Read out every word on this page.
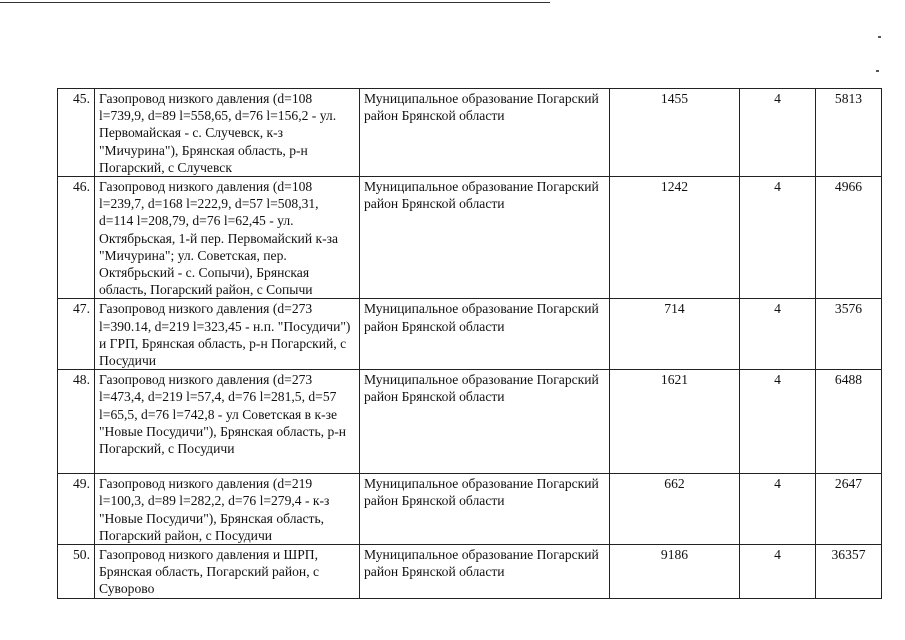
45.	Газопровод низкого давления (d=108 l=739,9, d=89 l=558,65, d=76 l=156,2 - ул. Первомайская - с. Случевск, к-з "Мичурина"), Брянская область, р-н Погарский, с Случевск	Муниципальное образование Погарский район Брянской области	1455	4	5813
46.	Газопровод низкого давления (d=108 l=239,7, d=168 l=222,9, d=57 l=508,31, d=114 l=208,79, d=76 l=62,45 - ул. Октябрьская, 1-й пер. Первомайский к-за "Мичурина"; ул. Советская, пер. Октябрьский - с. Сопычи), Брянская область, Погарский район, с Сопычи	Муниципальное образование Погарский район Брянской области	1242	4	4966
47.	Газопровод низкого давления (d=273 l=390.14, d=219 l=323,45 - н.п. "Посудичи") и ГРП, Брянская область, р-н Погарский, с Посудичи	Муниципальное образование Погарский район Брянской области	714	4	3576
48.	Газопровод низкого давления (d=273 l=473,4, d=219 l=57,4, d=76 l=281,5, d=57 l=65,5, d=76 l=742,8 - ул Советская в к-зе "Новые Посудичи"), Брянская область, р-н Погарский, с Посудичи	Муниципальное образование Погарский район Брянской области	1621	4	6488
49.	Газопровод низкого давления (d=219 l=100,3, d=89 l=282,2, d=76 l=279,4 - к-з "Новые Посудичи"), Брянская область, Погарский район, с Посудичи	Муниципальное образование Погарский район Брянской области	662	4	2647
50.	Газопровод низкого давления и ШРП, Брянская область, Погарский район, с Суворово	Муниципальное образование Погарский район Брянской области	9186	4	36357
